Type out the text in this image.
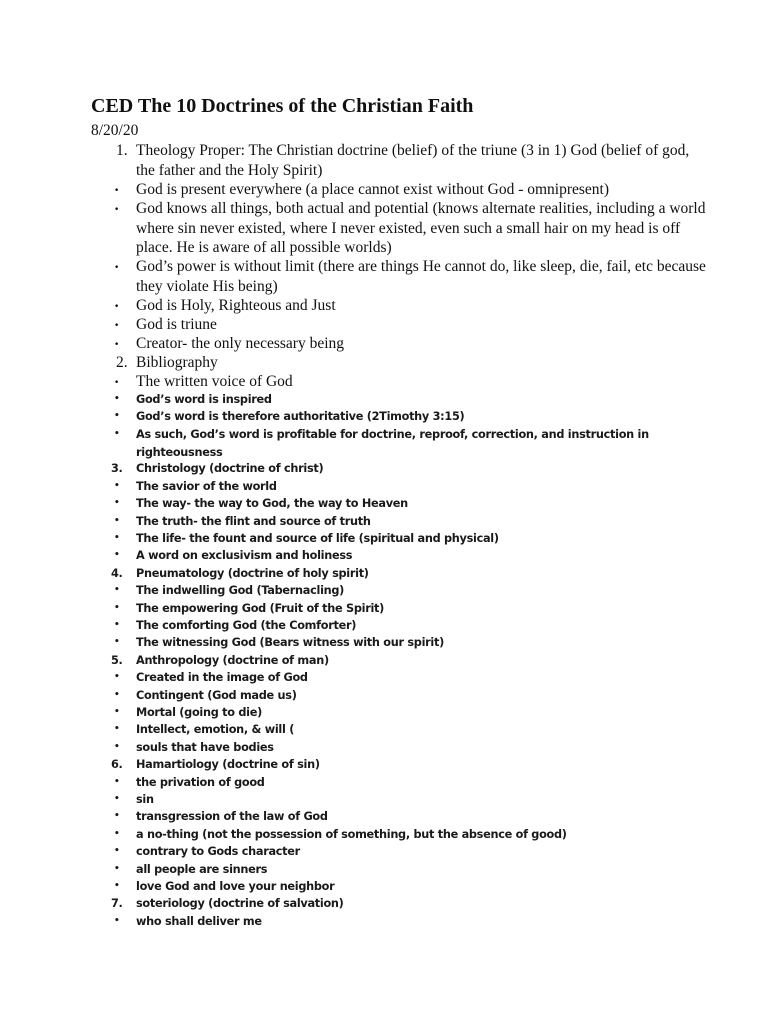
CED The 10 Doctrines of the Christian Faith
8/20/20
1. Theology Proper: The Christian doctrine (belief) of the triune (3 in 1) God (belief of god, the father and the Holy Spirit)
• God is present everywhere (a place cannot exist without God - omnipresent)
• God knows all things, both actual and potential (knows alternate realities, including a world where sin never existed, where I never existed, even such a small hair on my head is off place. He is aware of all possible worlds)
• God’s power is without limit (there are things He cannot do, like sleep, die, fail, etc because they violate His being)
• God is Holy, Righteous and Just
• God is triune
• Creator- the only necessary being
2. Bibliography
• The written voice of God
• God’s word is inspired
• God’s word is therefore authoritative (2Timothy 3:15)
• As such, God’s word is profitable for doctrine, reproof, correction, and instruction in righteousness
3. Christology (doctrine of christ)
• The savior of the world
• The way- the way to God, the way to Heaven
• The truth- the flint and source of truth
• The life- the fount and source of life (spiritual and physical)
• A word on exclusivism and holiness
4. Pneumatology (doctrine of holy spirit)
• The indwelling God (Tabernacling)
• The empowering God (Fruit of the Spirit)
• The comforting God (the Comforter)
• The witnessing God (Bears witness with our spirit)
5. Anthropology (doctrine of man)
• Created in the image of God
• Contingent (God made us)
• Mortal (going to die)
• Intellect, emotion, & will (
• souls that have bodies
6. Hamartiology (doctrine of sin)
• the privation of good
• sin
• transgression of the law of God
• a no-thing (not the possession of something, but the absence of good)
• contrary to Gods character
• all people are sinners
• love God and love your neighbor
7. soteriology (doctrine of salvation)
• who shall deliver me
